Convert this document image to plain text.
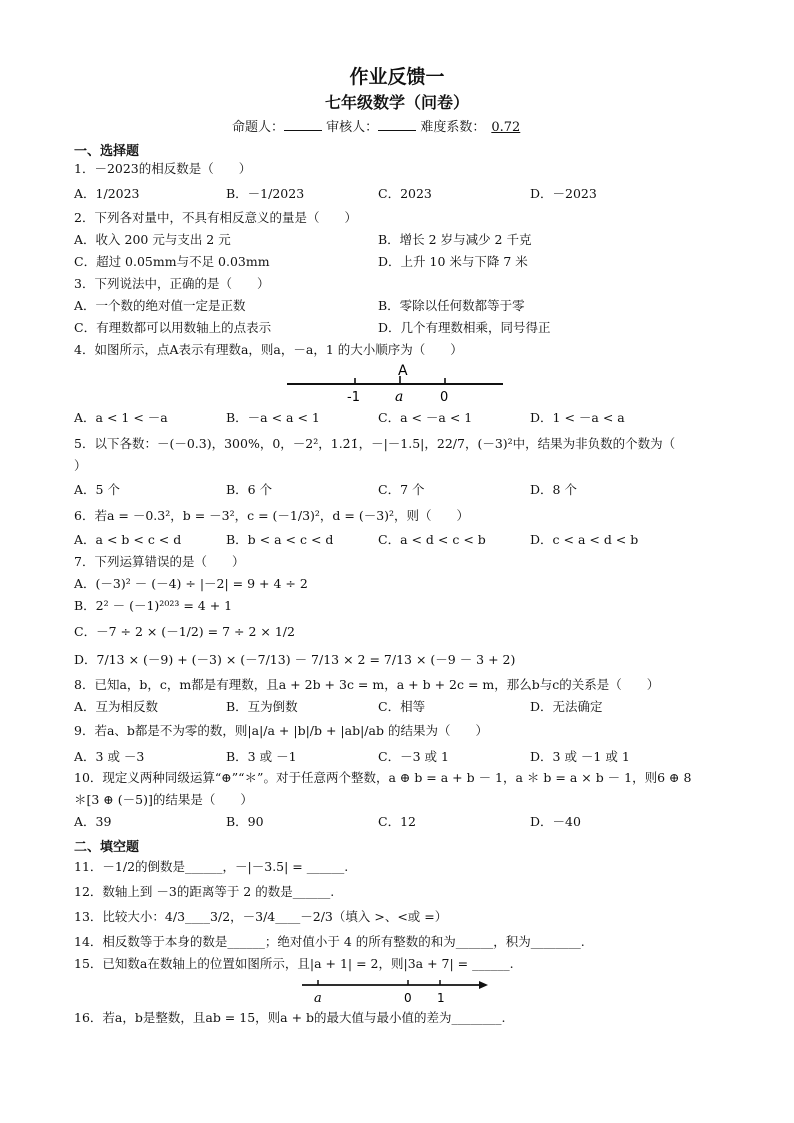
作业反馈一
七年级数学（问卷）
命题人：	审核人：	难度系数： 0.72
一、选择题
1．－2023的相反数是（　　）
A．1/2023	B．－1/2023	C．2023	D．－2023
2．下列各对量中，不具有相反意义的量是（　　）
A．收入 200 元与支出 2 元	B．增长 2 岁与减少 2 千克
C．超过 0.05mm与不足 0.03mm	D．上升 10 米与下降 7 米
3．下列说法中，正确的是（　　）
A．一个数的绝对值一定是正数	B．零除以任何数都等于零
C．有理数都可以用数轴上的点表示	D．几个有理数相乘，同号得正
4．如图所示，点A表示有理数a，则a，－a，1 的大小顺序为（　　）
A
-1	a	0
A．a < 1 < －a	B．－a < a < 1	C．a < －a < 1	D．1 < －a < a
5．以下各数：－(－0.3)，300%，0，－2²，1.2̇1̇，－|－1.5|，22/7，(－3)²中，结果为非负数的个数为（
）
A．5 个	B．6 个	C．7 个	D．8 个
6．若a = －0.3²，b = －3²，c = (－1/3)²，d = (－3)²，则（　　）
A．a < b < c < d	B．b < a < c < d	C．a < d < c < b	D．c < a < d < b
7．下列运算错误的是（　　）
A．(－3)² － (－4) ÷ |－2| = 9 + 4 ÷ 2
B．2² － (－1)²⁰²³ = 4 + 1
C．－7 ÷ 2 × (－1/2) = 7 ÷ 2 × 1/2
D．7/13 × (－9) + (－3) × (－7/13) － 7/13 × 2 = 7/13 × (－9 － 3 + 2)
8．已知a，b，c，m都是有理数，且a + 2b + 3c = m，a + b + 2c = m，那么b与c的关系是（　　）
A．互为相反数	B．互为倒数	C．相等	D．无法确定
9．若a、b都是不为零的数，则|a|/a + |b|/b + |ab|/ab 的结果为（　　）
A．3 或 －3	B．3 或 －1	C．－3 或 1	D．3 或 －1 或 1
10．现定义两种同级运算“⊕”“＊”。对于任意两个整数，a ⊕ b = a + b － 1，a ＊ b = a × b － 1，则6 ⊕ 8
＊[3 ⊕ (－5)]的结果是（　　）
A．39	B．90	C．12	D．－40
二、填空题
11．－1/2的倒数是______，－|－3.5| = ______.
12．数轴上到 －3的距离等于 2 的数是______.
13．比较大小：4/3____3/2，－3/4____－2/3（填入 >、<或 =）
14．相反数等于本身的数是______；绝对值小于 4 的所有整数的和为______，积为________.
15．已知数a在数轴上的位置如图所示，且|a + 1| = 2，则|3a + 7| = ______.
a	0 1
16．若a，b是整数，且ab = 15，则a + b的最大值与最小值的差为________.
